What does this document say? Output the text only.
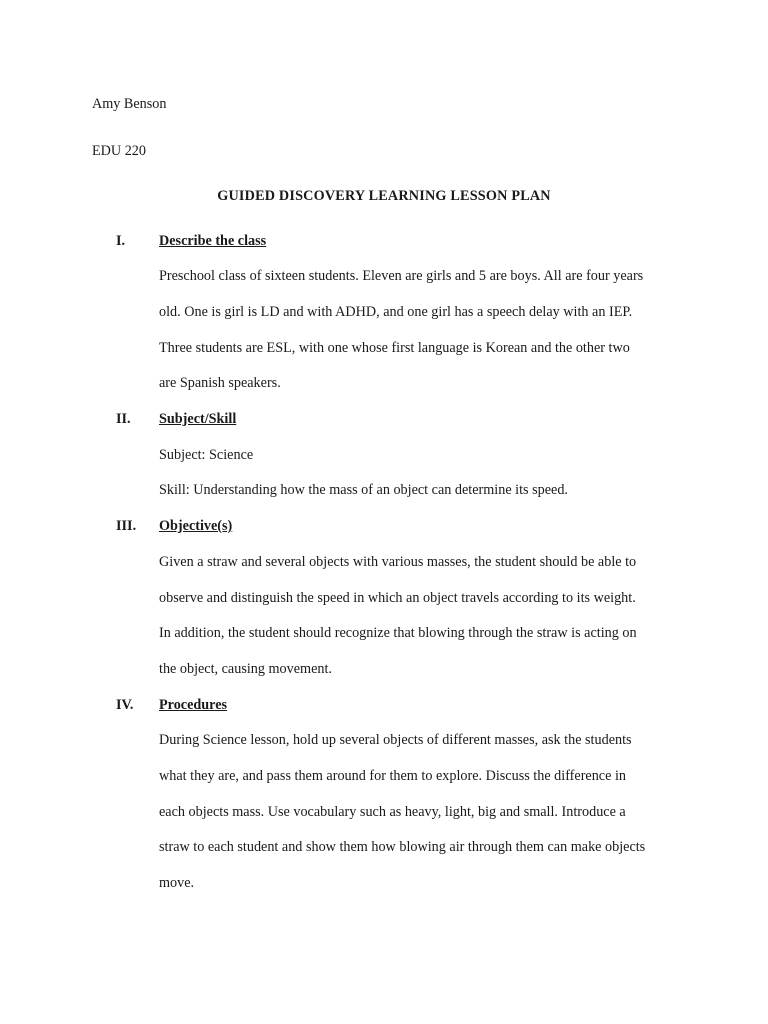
Amy Benson
EDU 220
GUIDED DISCOVERY LEARNING LESSON PLAN
I. Describe the class
Preschool class of sixteen students. Eleven are girls and 5 are boys. All are four years
old. One is girl is LD and with ADHD, and one girl has a speech delay with an IEP.
Three students are ESL, with one whose first language is Korean and the other two
are Spanish speakers.
II. Subject/Skill
Subject: Science
Skill: Understanding how the mass of an object can determine its speed.
III. Objective(s)
Given a straw and several objects with various masses, the student should be able to
observe and distinguish the speed in which an object travels according to its weight.
In addition, the student should recognize that blowing through the straw is acting on
the object, causing movement.
IV. Procedures
During Science lesson, hold up several objects of different masses, ask the students
what they are, and pass them around for them to explore. Discuss the difference in
each objects mass. Use vocabulary such as heavy, light, big and small. Introduce a
straw to each student and show them how blowing air through them can make objects
move.
